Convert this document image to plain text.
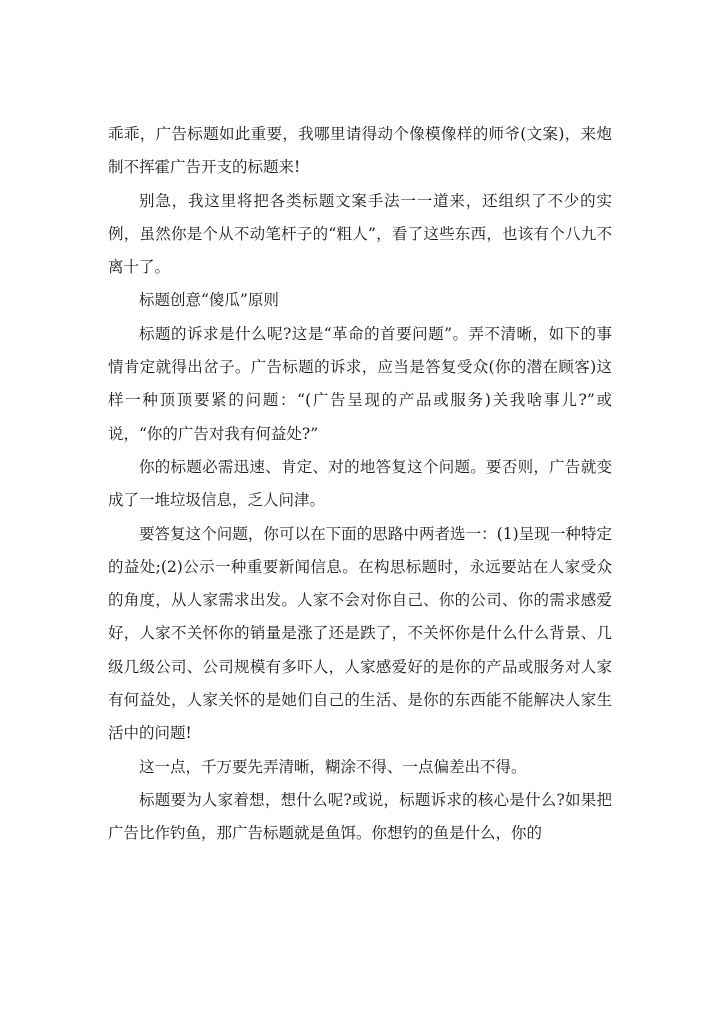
乖乖，广告标题如此重要，我哪里请得动个像模像样的师爷(文案)，来炮制不挥霍广告开支的标题来!

别急，我这里将把各类标题文案手法一一道来，还组织了不少的实例，虽然你是个从不动笔杆子的“粗人”，看了这些东西，也该有个八九不离十了。

标题创意“傻瓜”原则

标题的诉求是什么呢?这是“革命的首要问题”。弄不清晰，如下的事情肯定就得出岔子。广告标题的诉求，应当是答复受众(你的潜在顾客)这样一种顶顶要紧的问题：“(广告呈现的产品或服务)关我啥事儿?”或说，“你的广告对我有何益处?”

你的标题必需迅速、肯定、对的地答复这个问题。要否则，广告就变成了一堆垃圾信息，乏人问津。

要答复这个问题，你可以在下面的思路中两者选一：(1)呈现一种特定的益处;(2)公示一种重要新闻信息。在构思标题时，永远要站在人家受众的角度，从人家需求出发。人家不会对你自己、你的公司、你的需求感爱好，人家不关怀你的销量是涨了还是跌了，不关怀你是什么什么背景、几级几级公司、公司规模有多吓人，人家感爱好的是你的产品或服务对人家有何益处，人家关怀的是她们自己的生活、是你的东西能不能解决人家生活中的问题!

这一点，千万要先弄清晰，糊涂不得、一点偏差出不得。

标题要为人家着想，想什么呢?或说，标题诉求的核心是什么?如果把广告比作钓鱼，那广告标题就是鱼饵。你想钓的鱼是什么，你的
